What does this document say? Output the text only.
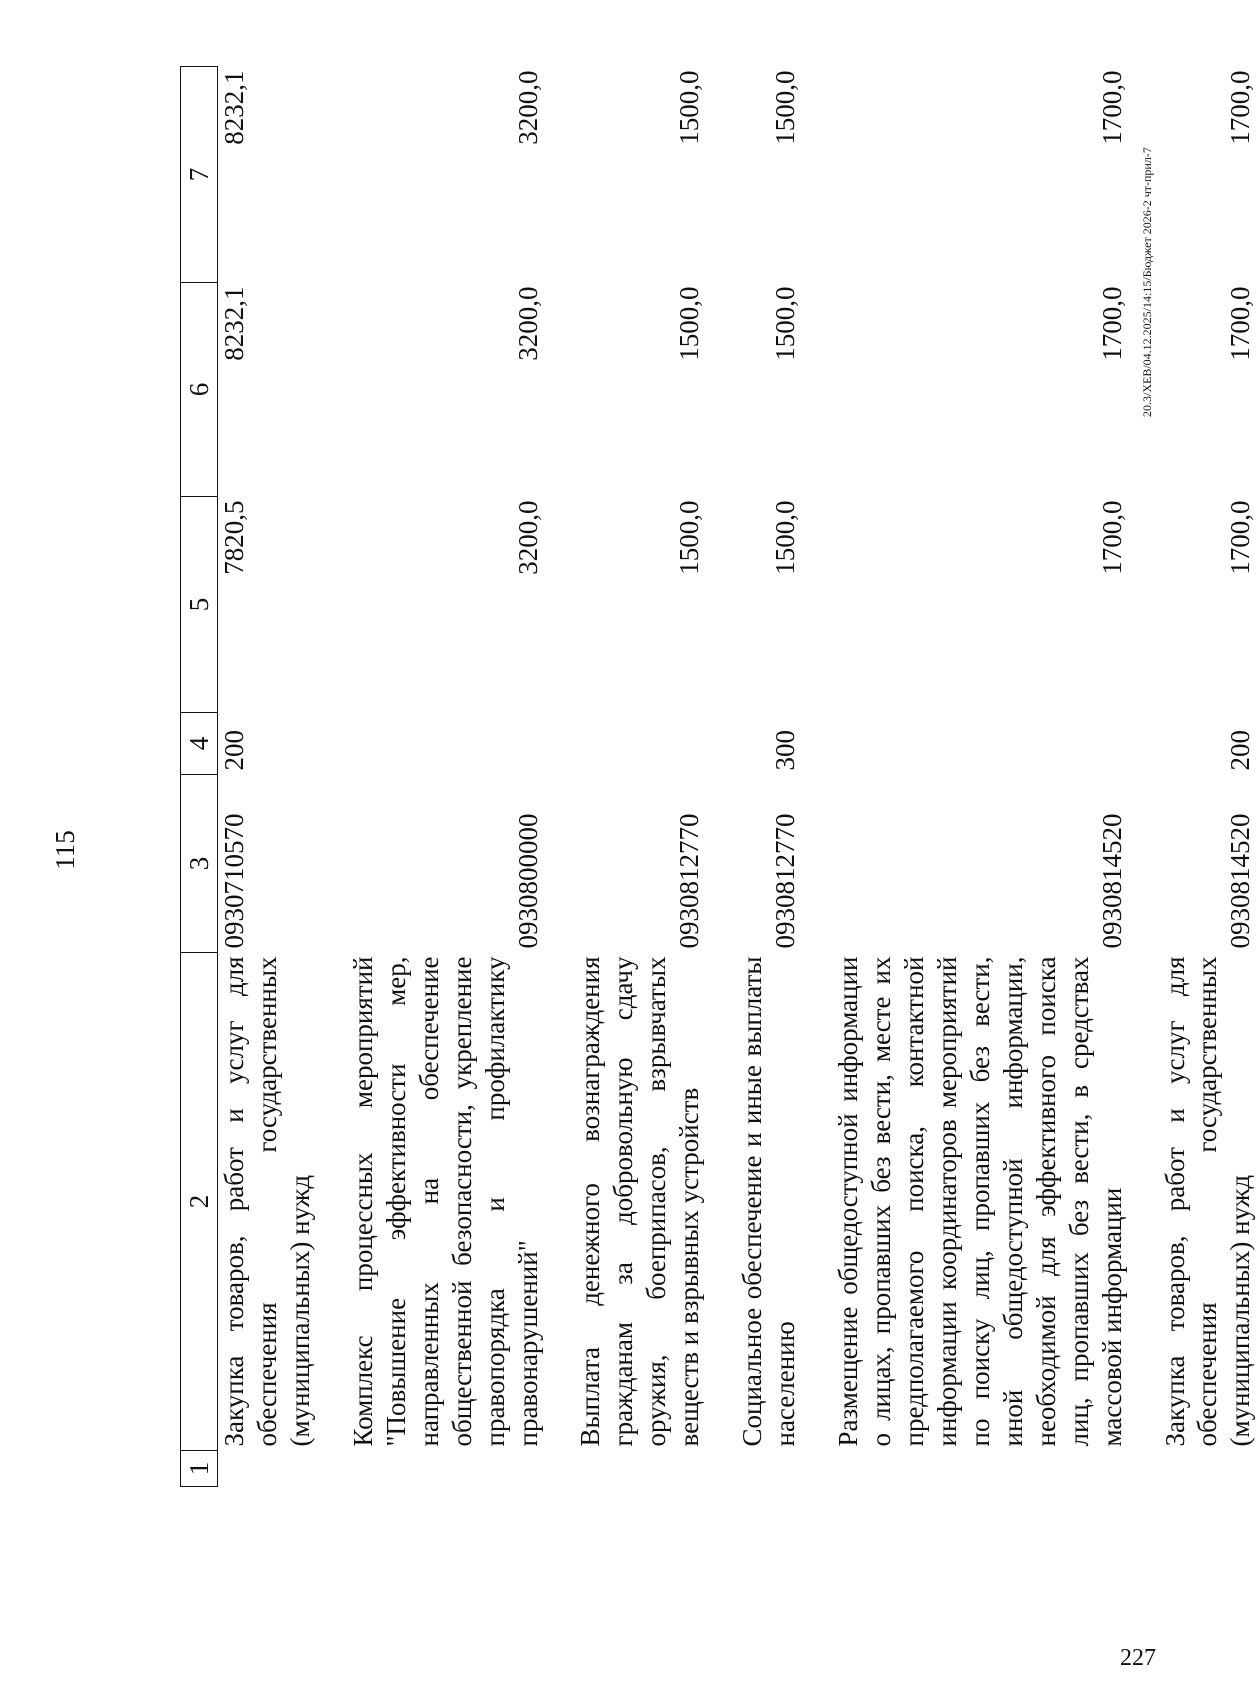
115
1	2	3	4	5	6	7
	Закупка товаров, работ и услуг для обеспечения государственных (муниципальных) нужд	0930710570	200	7820,5	8232,1	8232,1

	Комплекс процессных мероприятий "Повышение эффективности мер, направленных на обеспечение общественной безопасности, укрепление правопорядка и профилактику правонарушений"	0930800000		3200,0	3200,0	3200,0

	Выплата денежного вознаграждения гражданам за добровольную сдачу оружия, боеприпасов, взрывчатых веществ и взрывных устройств	0930812770		1500,0	1500,0	1500,0

	Социальное обеспечение и иные выплаты населению	0930812770	300	1500,0	1500,0	1500,0

	Размещение общедоступной информации о лицах, пропавших без вести, месте их предполагаемого поиска, контактной информации координаторов мероприятий по поиску лиц, пропавших без вести, иной общедоступной информации, необходимой для эффективного поиска лиц, пропавших без вести, в средствах массовой информации	0930814520		1700,0	1700,0	1700,0

	Закупка товаров, работ и услуг для обеспечения государственных (муниципальных) нужд	0930814520	200	1700,0	1700,0	1700,0
20.3/ХЕВ/04.12.2025/14:15/Бюджет 2026-2 чт-прил-7
227
